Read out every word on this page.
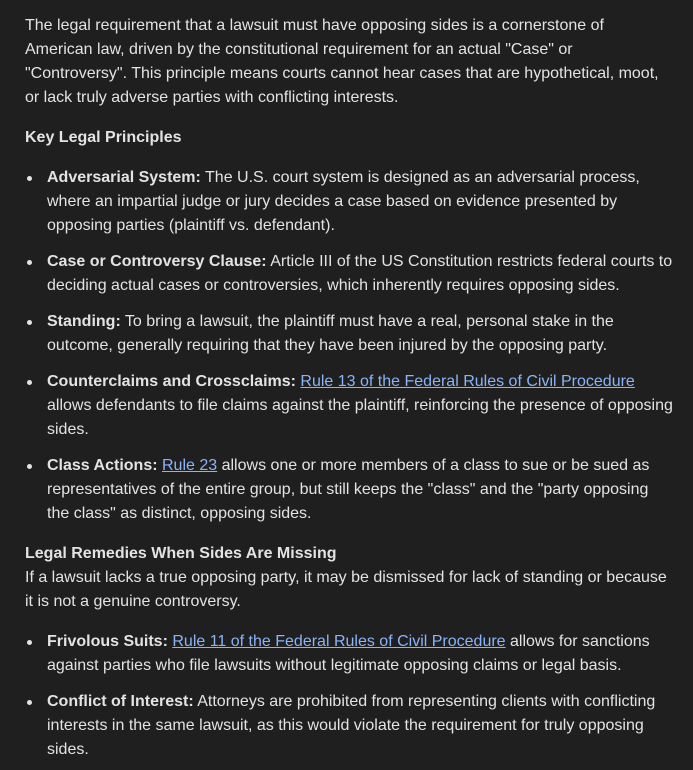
The legal requirement that a lawsuit must have opposing sides is a cornerstone of American law, driven by the constitutional requirement for an actual "Case" or "Controversy". This principle means courts cannot hear cases that are hypothetical, moot, or lack truly adverse parties with conflicting interests.

Key Legal Principles

Adversarial System: The U.S. court system is designed as an adversarial process, where an impartial judge or jury decides a case based on evidence presented by opposing parties (plaintiff vs. defendant).
Case or Controversy Clause: Article III of the US Constitution restricts federal courts to deciding actual cases or controversies, which inherently requires opposing sides.
Standing: To bring a lawsuit, the plaintiff must have a real, personal stake in the outcome, generally requiring that they have been injured by the opposing party.
Counterclaims and Crossclaims: Rule 13 of the Federal Rules of Civil Procedure allows defendants to file claims against the plaintiff, reinforcing the presence of opposing sides.
Class Actions: Rule 23 allows one or more members of a class to sue or be sued as representatives of the entire group, but still keeps the "class" and the "party opposing the class" as distinct, opposing sides.

Legal Remedies When Sides Are Missing

If a lawsuit lacks a true opposing party, it may be dismissed for lack of standing or because it is not a genuine controversy.

Frivolous Suits: Rule 11 of the Federal Rules of Civil Procedure allows for sanctions against parties who file lawsuits without legitimate opposing claims or legal basis.
Conflict of Interest: Attorneys are prohibited from representing clients with conflicting interests in the same lawsuit, as this would violate the requirement for truly opposing sides.
